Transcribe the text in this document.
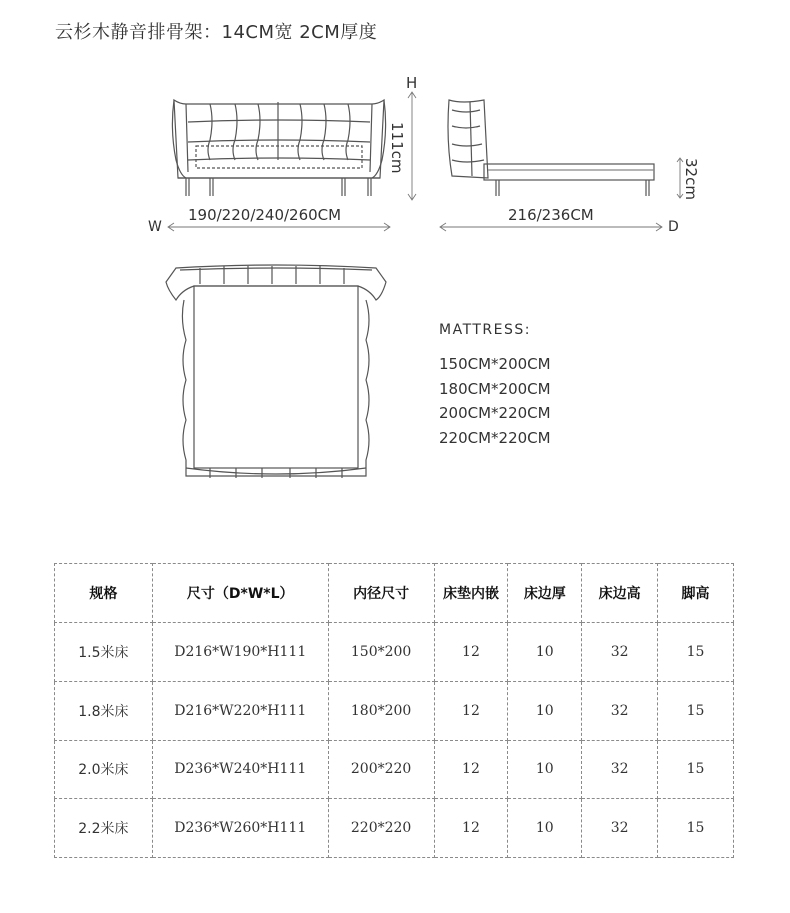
云杉木静音排骨架：14CM宽 2CM厚度
H
111cm
W
190/220/240/260CM
32cm
216/236CM
D
MATTRESS:
150CM*200CM
180CM*200CM
200CM*220CM
220CM*220CM
规格	尺寸（D*W*L）	内径尺寸	床垫内嵌	床边厚	床边高	脚高
1.5米床	D216*W190*H111	150*200	12	10	32	15
1.8米床	D216*W220*H111	180*200	12	10	32	15
2.0米床	D236*W240*H111	200*220	12	10	32	15
2.2米床	D236*W260*H111	220*220	12	10	32	15
